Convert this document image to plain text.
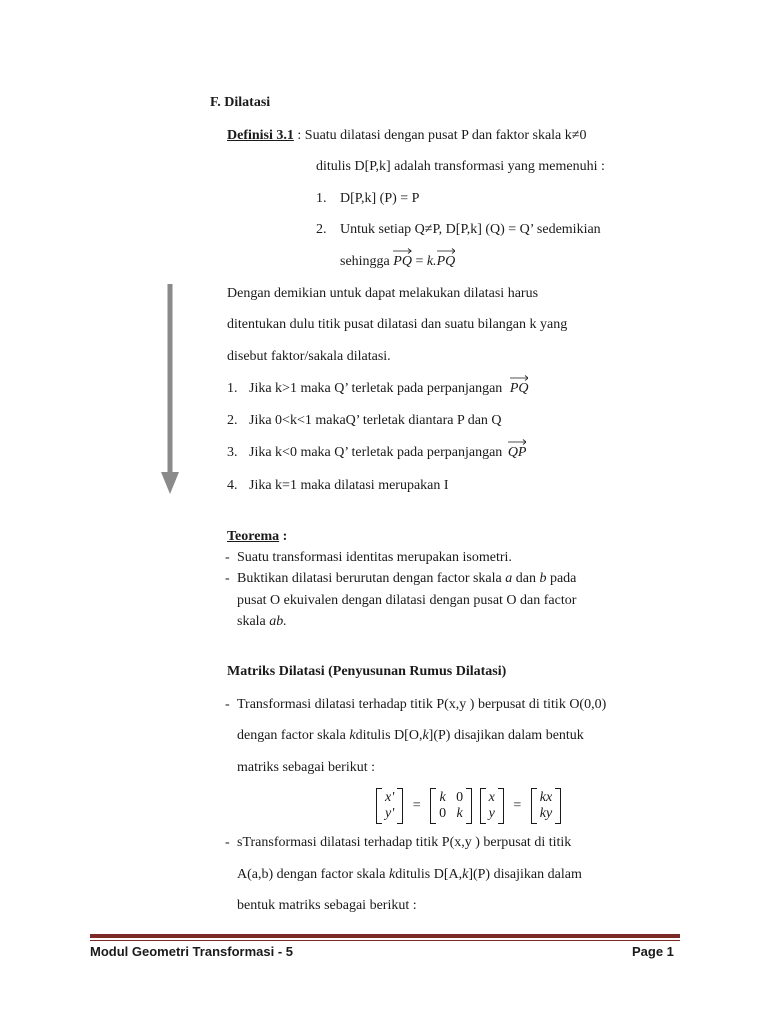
F. Dilatasi
Definisi 3.1 : Suatu dilatasi dengan pusat P dan faktor skala k≠0
ditulis D[P,k] adalah transformasi yang memenuhi :
1. D[P,k] (P) = P
2. Untuk setiap Q≠P, D[P,k] (Q) = Q’ sedemikian
sehingga PQ = k.
PQ
Dengan demikian untuk dapat melakukan dilatasi harus
ditentukan dulu titik pusat dilatasi dan suatu bilangan k yang
disebut faktor/sakala dilatasi.
1. Jika k>1 maka Q’ terletak pada perpanjangan PQ
2. Jika 0<k<1 makaQ’ terletak diantara P dan Q
3. Jika k<0 maka Q’ terletak pada perpanjangan QP
4. Jika k=1 maka dilatasi merupakan I
Teorema :
- Suatu transformasi identitas merupakan isometri.
- Buktikan dilatasi berurutan dengan factor skala a dan b pada
pusat O ekuivalen dengan dilatasi dengan pusat O dan factor
skala ab.
Matriks Dilatasi (Penyusunan Rumus Dilatasi)
- Transformasi dilatasi terhadap titik P(x,y ) berpusat di titik O(0,0)
dengan factor skala kditulis D[O,k](P) disajikan dalam bentuk
matriks sebagai berikut :
x'
y'
=
k 0
0 k

x
y
=
kx
ky
- sTransformasi dilatasi terhadap titik P(x,y ) berpusat di titik
A(a,b) dengan factor skala kditulis D[A,k](P) disajikan dalam
bentuk matriks sebagai berikut :
Modul Geometri Transformasi - 5	Page 1
